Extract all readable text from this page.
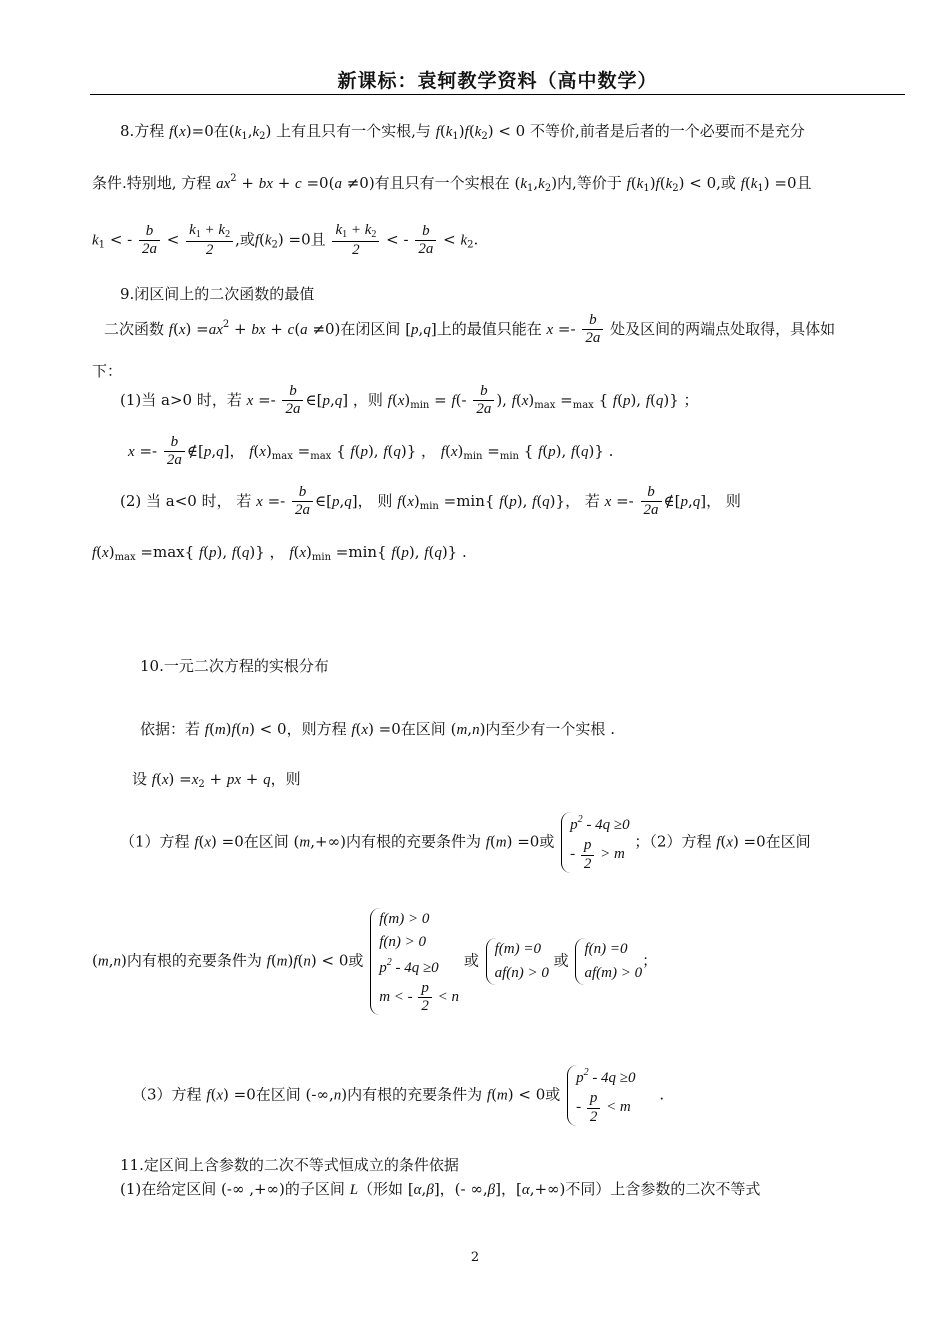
新课标：袁轲教学资料（高中数学）
8.方程 f(x)=0在$(k_1,k_2)$ 上有且只有一个实根,与 $f(k_1)f(k_2) < 0$ 不等价,前者是后者的一个必要而不是充分
条件.特别地, 方程 $ax^2$ + bx + c =0(a ≠0)有且只有一个实根在 $(k_1,k_2)$内,等价于 $f(k_1)f(k_2) < 0$,或 $f(k_1) =0$且
$k_1$ < - $\frac{b}{2a} < \frac{k_1 + k_2}{2}$ ,或$f(k_2) =0$且 $\frac{k_1 + k_2}{2}$ < - $\frac{b}{2a} < k_2$.
9.闭区间上的二次函数的最值
二次函数 $f(x) =ax^2$ + bx + c(a ≠0)在闭区间 [p,q]上的最值只能在 $x =- \frac{b}{2a}$ 处及区间的两端点处取得，具体如
下：
(1)当 a>0 时，若 $x =- \frac{b}{2a}$ ∈[p,q] ，则 $f(x)_{min} = f(- \frac{b}{2a}$ ), $f(x)_{max} =_{max}$ { f(p), f(q)} ；
$x =- \frac{b}{2a}$ ∉[p,q]， $f(x)_{max} =_{max}$ { f(p), f(q)} ， $f(x)_{min} =_{min}$ { f(p), f(q)} .
(2) 当 a<0 时， 若 $x =- \frac{b}{2a}$ ∈[p,q]， 则 $f(x)_{min} =\min${ f(p), f(q)}， 若 $x =- \frac{b}{2a}$ ∉[p,q]， 则
$f(x)_{max} =\max${ f(p), f(q)} ， $f(x)_{min} =\min${ f(p), f(q)} .
10.一元二次方程的实根分布
依据：若 f(m)f(n) < 0，则方程 f(x) =0在区间 (m,n)内至少有一个实根 .
设 $f(x) =x_2$ + px + q，则
（1）方程 f(x) =0在区间 (m,+∞)内有根的充要条件为 f(m) =0或
$p^2 - 4q \ge 0$
- $\frac{p}{2} > m$
；（2）方程 f(x) =0在区间
(m,n)内有根的充要条件为 f(m)f(n) < 0或
f(m) > 0
f(n) > 0
$p^2 - 4q \ge 0$
m < - $\frac{p}{2} < n$
或
f(m) =0
af(n) > 0
或
f(n) =0
af(m) > 0
；
（3）方程 f(x) =0在区间 (-∞,n)内有根的充要条件为 f(m) < 0或
$p^2 - 4q \ge 0$
- $\frac{p}{2} < m$
.
11.定区间上含参数的二次不等式恒成立的条件依据
(1)在给定区间 (-∞ ,+∞)的子区间 L（形如 [α,β]，(- ∞,β]，[α,+∞)不同）上含参数的二次不等式
2
